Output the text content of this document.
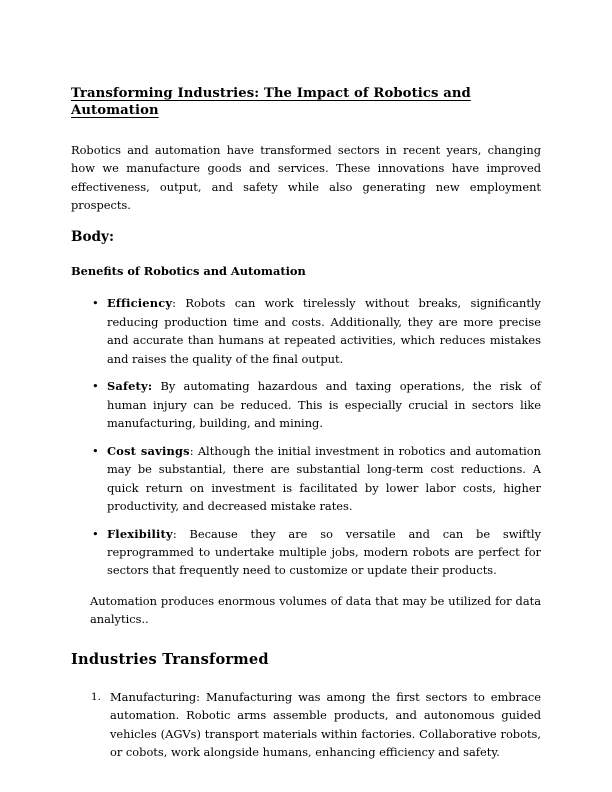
Transforming Industries: The Impact of Robotics and Automation

Robotics and automation have transformed sectors in recent years, changing how we manufacture goods and services. These innovations have improved effectiveness, output, and safety while also generating new employment prospects.

Body:
Benefits of Robotics and Automation
• Efficiency: Robots can work tirelessly without breaks, significantly reducing production time and costs. Additionally, they are more precise and accurate than humans at repeated activities, which reduces mistakes and raises the quality of the final output.
• Safety: By automating hazardous and taxing operations, the risk of human injury can be reduced. This is especially crucial in sectors like manufacturing, building, and mining.
• Cost savings: Although the initial investment in robotics and automation may be substantial, there are substantial long-term cost reductions. A quick return on investment is facilitated by lower labor costs, higher productivity, and decreased mistake rates.
• Flexibility: Because they are so versatile and can be swiftly reprogrammed to undertake multiple jobs, modern robots are perfect for sectors that frequently need to customize or update their products.

Automation produces enormous volumes of data that may be utilized for data analytics..

Industries Transformed
1. Manufacturing: Manufacturing was among the first sectors to embrace automation. Robotic arms assemble products, and autonomous guided vehicles (AGVs) transport materials within factories. Collaborative robots, or cobots, work alongside humans, enhancing efficiency and safety.
